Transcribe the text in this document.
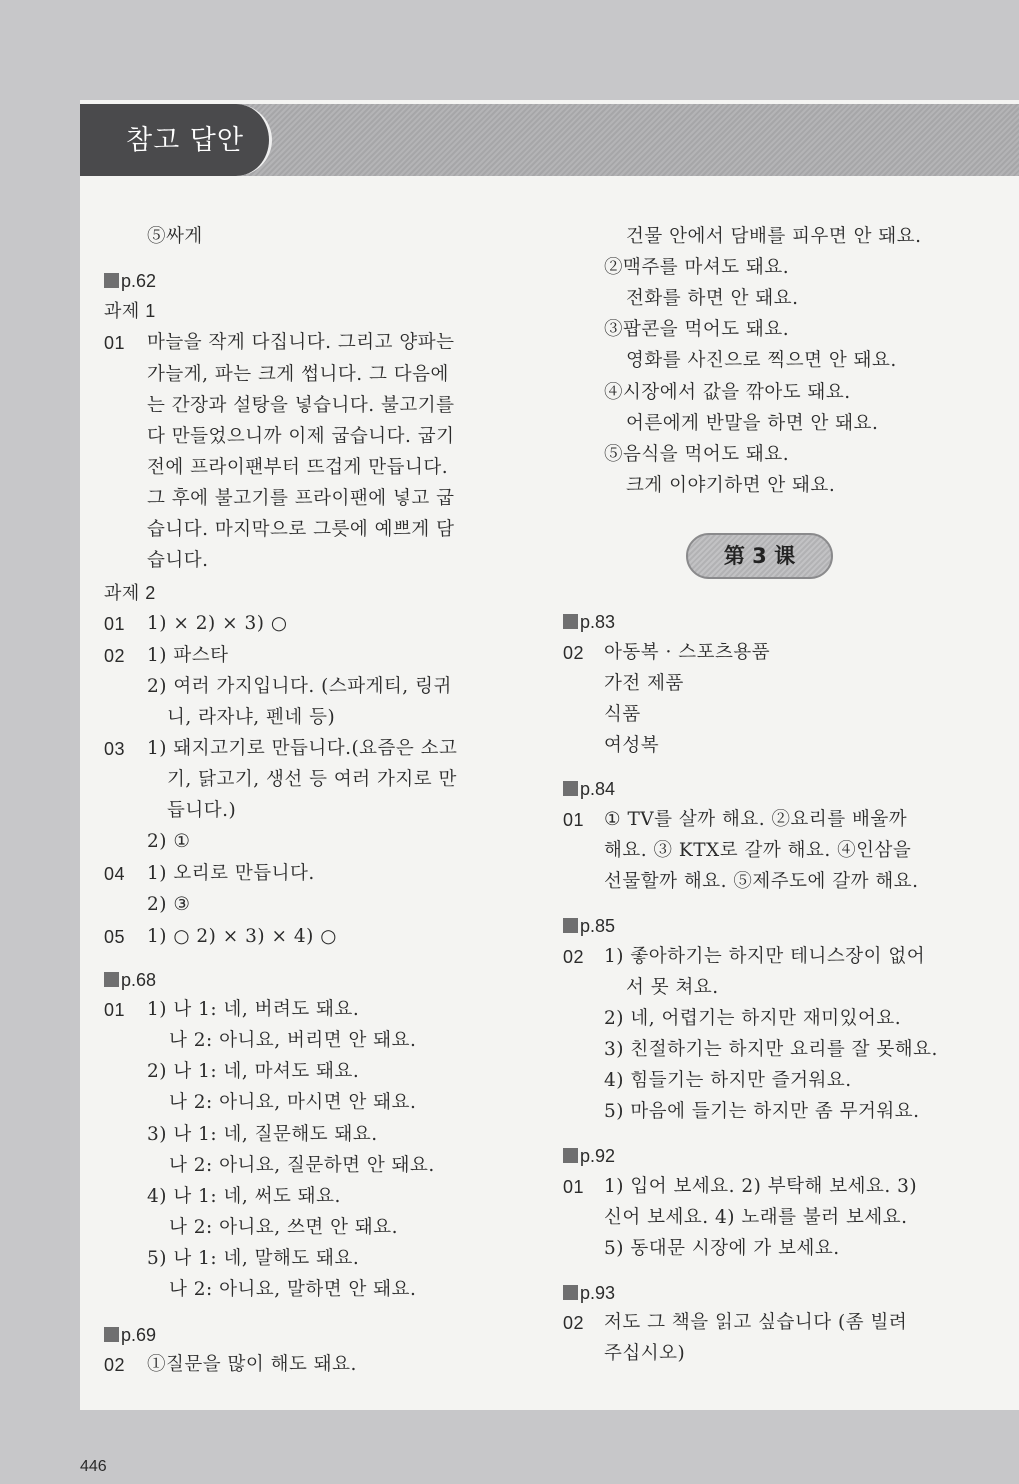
참고 답안
⑤싸게
p.62
과제 1
01 마늘을 작게 다집니다. 그리고 양파는
가늘게, 파는 크게 썹니다. 그 다음에
는 간장과 설탕을 넣습니다. 불고기를
다 만들었으니까 이제 굽습니다. 굽기
전에 프라이팬부터 뜨겁게 만듭니다.
그 후에 불고기를 프라이팬에 넣고 굽
습니다. 마지막으로 그릇에 예쁘게 담
습니다.
과제 2
01 1) × 2) × 3) ○
02 1) 파스타
2) 여러 가지입니다. (스파게티, 링귀
니, 라자냐, 펜네 등)
03 1) 돼지고기로 만듭니다.(요즘은 소고
기, 닭고기, 생선 등 여러 가지로 만
듭니다.)
2) ①
04 1) 오리로 만듭니다.
2) ③
05 1) ○ 2) × 3) × 4) ○
p.68
01 1) 나 1: 네, 버려도 돼요.
나 2: 아니요, 버리면 안 돼요.
2) 나 1: 네, 마셔도 돼요.
나 2: 아니요, 마시면 안 돼요.
3) 나 1: 네, 질문해도 돼요.
나 2: 아니요, 질문하면 안 돼요.
4) 나 1: 네, 써도 돼요.
나 2: 아니요, 쓰면 안 돼요.
5) 나 1: 네, 말해도 돼요.
나 2: 아니요, 말하면 안 돼요.
p.69
02 ①질문을 많이 해도 돼요.
건물 안에서 담배를 피우면 안 돼요.
②맥주를 마셔도 돼요.
전화를 하면 안 돼요.
③팝콘을 먹어도 돼요.
영화를 사진으로 찍으면 안 돼요.
④시장에서 값을 깎아도 돼요.
어른에게 반말을 하면 안 돼요.
⑤음식을 먹어도 돼요.
크게 이야기하면 안 돼요.
p.83
02 아동복 · 스포츠용품
가전 제품
식품
여성복
p.84
01 ① TV를 살까 해요. ②요리를 배울까
해요. ③ KTX로 갈까 해요. ④인삼을
선물할까 해요. ⑤제주도에 갈까 해요.
p.85
02 1) 좋아하기는 하지만 테니스장이 없어
서 못 쳐요.
2) 네, 어렵기는 하지만 재미있어요.
3) 친절하기는 하지만 요리를 잘 못해요.
4) 힘들기는 하지만 즐거워요.
5) 마음에 들기는 하지만 좀 무거워요.
p.92
01 1) 입어 보세요. 2) 부탁해 보세요. 3)
신어 보세요. 4) 노래를 불러 보세요.
5) 동대문 시장에 가 보세요.
p.93
02 저도 그 책을 읽고 싶습니다 (좀 빌려
주십시오)
第 3 课
446
